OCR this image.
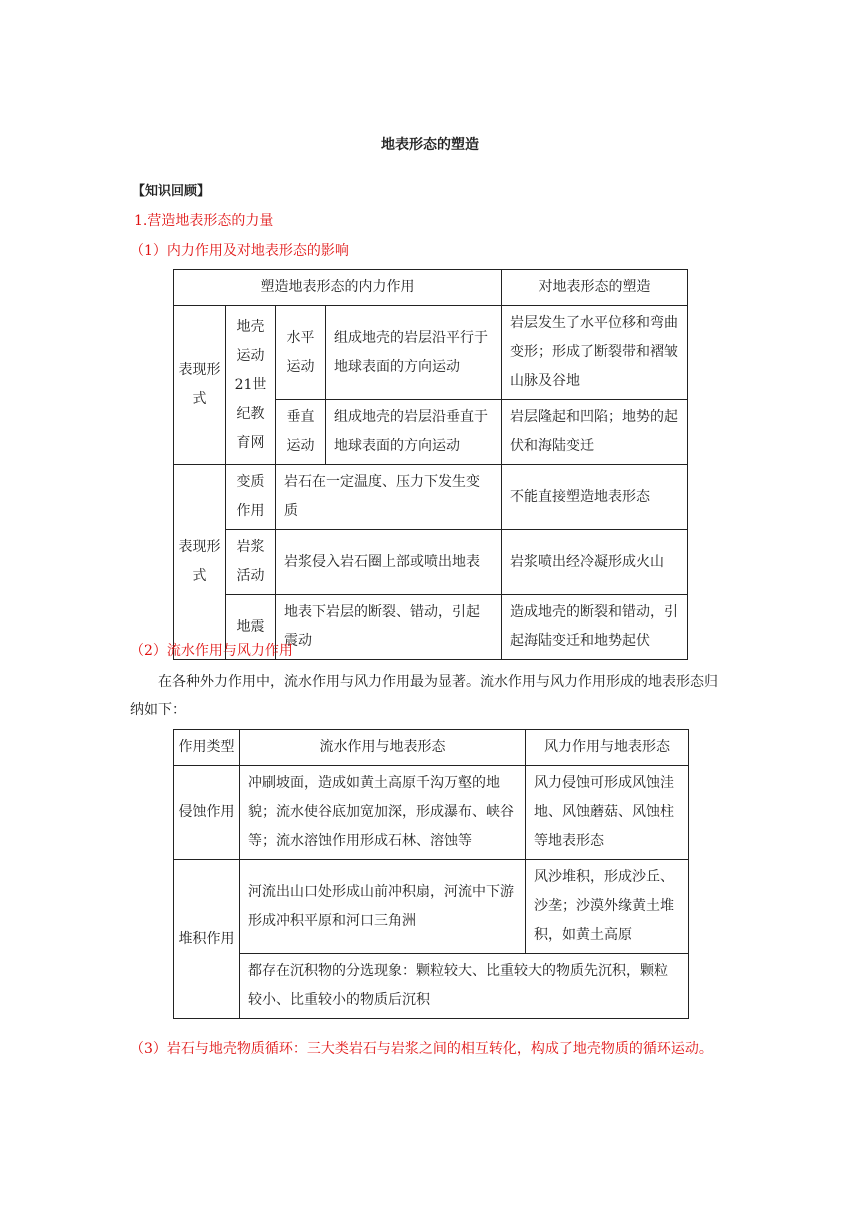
地表形态的塑造
【知识回顾】
1.营造地表形态的力量
（1）内力作用及对地表形态的影响
塑造地表形态的内力作用				对地表形态的塑造
表现形式	地壳运动21世纪教育网	水平运动	组成地壳的岩层沿平行于地球表面的方向运动	岩层发生了水平位移和弯曲变形；形成了断裂带和褶皱山脉及谷地
		垂直运动	组成地壳的岩层沿垂直于地球表面的方向运动	岩层隆起和凹陷；地势的起伏和海陆变迁
表现形式	变质作用	岩石在一定温度、压力下发生变质		不能直接塑造地表形态
	岩浆活动	岩浆侵入岩石圈上部或喷出地表		岩浆喷出经冷凝形成火山
	地震	地表下岩层的断裂、错动，引起震动		造成地壳的断裂和错动，引起海陆变迁和地势起伏
（2）流水作用与风力作用
在各种外力作用中，流水作用与风力作用最为显著。流水作用与风力作用形成的地表形态归纳如下：
作用类型	流水作用与地表形态	风力作用与地表形态
侵蚀作用	冲刷坡面，造成如黄土高原千沟万壑的地貌；流水使谷底加宽加深，形成瀑布、峡谷等；流水溶蚀作用形成石林、溶蚀等	风力侵蚀可形成风蚀洼地、风蚀蘑菇、风蚀柱等地表形态
堆积作用	河流出山口处形成山前冲积扇，河流中下游形成冲积平原和河口三角洲	风沙堆积，形成沙丘、沙垄；沙漠外缘黄土堆积，如黄土高原
	都存在沉积物的分选现象：颗粒较大、比重较大的物质先沉积，颗粒较小、比重较小的物质后沉积	
（3）岩石与地壳物质循环：三大类岩石与岩浆之间的相互转化，构成了地壳物质的循环运动。
